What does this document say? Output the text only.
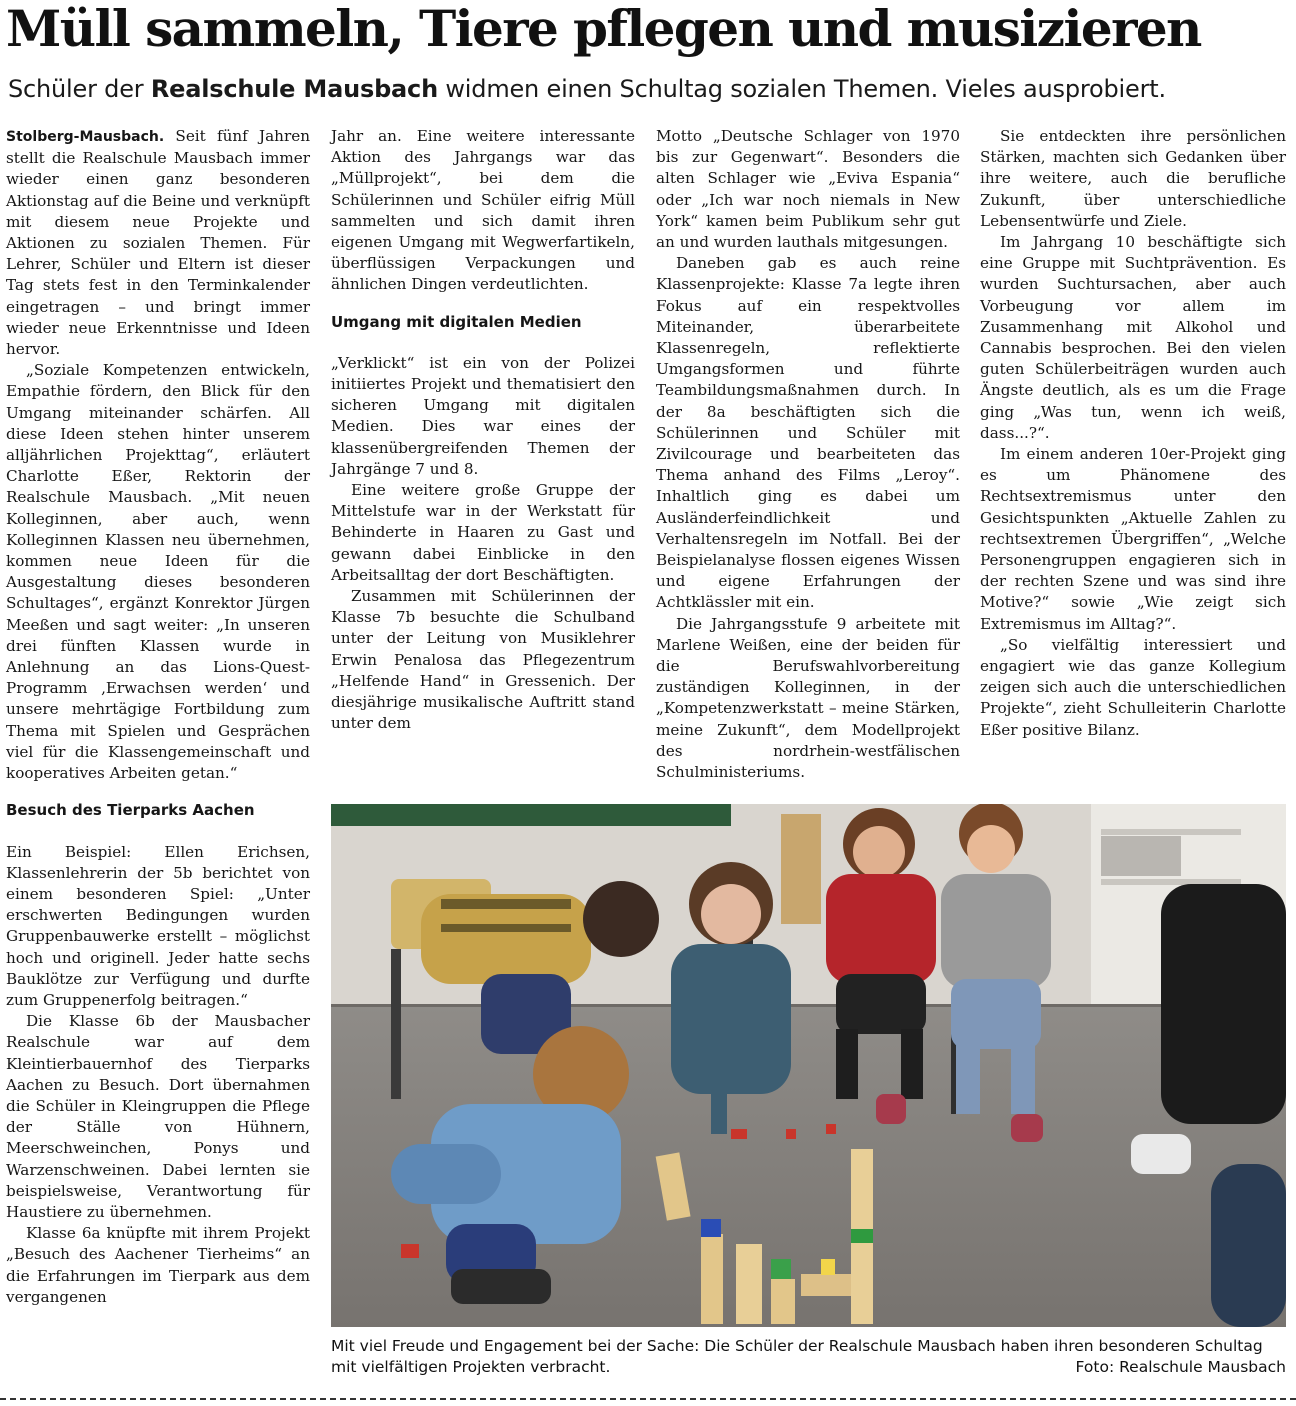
Müll sammeln, Tiere pflegen und musizieren

Schüler der Realschule Mausbach widmen einen Schultag sozialen Themen. Vieles ausprobiert.

Stolberg-Mausbach. Seit fünf Jahren stellt die Realschule Mausbach immer wieder einen ganz besonderen Aktionstag auf die Beine und verknüpft mit diesem neue Projekte und Aktionen zu sozialen Themen. Für Lehrer, Schüler und Eltern ist dieser Tag stets fest in den Terminkalender eingetragen – und bringt immer wieder neue Erkenntnisse und Ideen hervor.

„Soziale Kompetenzen entwickeln, Empathie fördern, den Blick für den Umgang miteinander schärfen. All diese Ideen stehen hinter unserem alljährlichen Projekttag“, erläutert Charlotte Eßer, Rektorin der Realschule Mausbach. „Mit neuen Kolleginnen, aber auch, wenn Kolleginnen Klassen neu übernehmen, kommen neue Ideen für die Ausgestaltung dieses besonderen Schultages“, ergänzt Konrektor Jürgen Meeßen und sagt weiter: „In unseren drei fünften Klassen wurde in Anlehnung an das Lions-Quest-Programm ‚Erwachsen werden‘ und unsere mehrtägige Fortbildung zum Thema mit Spielen und Gesprächen viel für die Klassengemeinschaft und kooperatives Arbeiten getan.“

Besuch des Tierparks Aachen

Ein Beispiel: Ellen Erichsen, Klassenlehrerin der 5b berichtet von einem besonderen Spiel: „Unter erschwerten Bedingungen wurden Gruppenbauwerke erstellt – möglichst hoch und originell. Jeder hatte sechs Bauklötze zur Verfügung und durfte zum Gruppenerfolg beitragen.“

Die Klasse 6b der Mausbacher Realschule war auf dem Kleintierbauernhof des Tierparks Aachen zu Besuch. Dort übernahmen die Schüler in Kleingruppen die Pflege der Ställe von Hühnern, Meerschweinchen, Ponys und Warzenschweinen. Dabei lernten sie beispielsweise, Verantwortung für Haustiere zu übernehmen.

Klasse 6a knüpfte mit ihrem Projekt „Besuch des Aachener Tierheims“ an die Erfahrungen im Tierpark aus dem vergangenen

Jahr an. Eine weitere interessante Aktion des Jahrgangs war das „Müllprojekt“, bei dem die Schülerinnen und Schüler eifrig Müll sammelten und sich damit ihren eigenen Umgang mit Wegwerfartikeln, überflüssigen Verpackungen und ähnlichen Dingen verdeutlichten.

Umgang mit digitalen Medien

„Verklickt“ ist ein von der Polizei initiiertes Projekt und thematisiert den sicheren Umgang mit digitalen Medien. Dies war eines der klassenübergreifenden Themen der Jahrgänge 7 und 8.

Eine weitere große Gruppe der Mittelstufe war in der Werkstatt für Behinderte in Haaren zu Gast und gewann dabei Einblicke in den Arbeitsalltag der dort Beschäftigten.

Zusammen mit Schülerinnen der Klasse 7b besuchte die Schulband unter der Leitung von Musiklehrer Erwin Penalosa das Pflegezentrum „Helfende Hand“ in Gressenich. Der diesjährige musikalische Auftritt stand unter dem

Motto „Deutsche Schlager von 1970 bis zur Gegenwart“. Besonders die alten Schlager wie „Eviva Espania“ oder „Ich war noch niemals in New York“ kamen beim Publikum sehr gut an und wurden lauthals mitgesungen.

Daneben gab es auch reine Klassenprojekte: Klasse 7a legte ihren Fokus auf ein respektvolles Miteinander, überarbeitete Klassenregeln, reflektierte Umgangsformen und führte Teambildungsmaßnahmen durch. In der 8a beschäftigten sich die Schülerinnen und Schüler mit Zivilcourage und bearbeiteten das Thema anhand des Films „Leroy“. Inhaltlich ging es dabei um Ausländerfeindlichkeit und Verhaltensregeln im Notfall. Bei der Beispielanalyse flossen eigenes Wissen und eigene Erfahrungen der Achtklässler mit ein.

Die Jahrgangsstufe 9 arbeitete mit Marlene Weißen, eine der beiden für die Berufswahlvorbereitung zuständigen Kolleginnen, in der „Kompetenzwerkstatt – meine Stärken, meine Zukunft“, dem Modellprojekt des nordrhein-westfälischen Schulministeriums.

Sie entdeckten ihre persönlichen Stärken, machten sich Gedanken über ihre weitere, auch die berufliche Zukunft, über unterschiedliche Lebensentwürfe und Ziele.

Im Jahrgang 10 beschäftigte sich eine Gruppe mit Suchtprävention. Es wurden Suchtursachen, aber auch Vorbeugung vor allem im Zusammenhang mit Alkohol und Cannabis besprochen. Bei den vielen guten Schülerbeiträgen wurden auch Ängste deutlich, als es um die Frage ging „Was tun, wenn ich weiß, dass...?“.

Im einem anderen 10er-Projekt ging es um Phänomene des Rechtsextremismus unter den Gesichtspunkten „Aktuelle Zahlen zu rechtsextremen Übergriffen“, „Welche Personengruppen engagieren sich in der rechten Szene und was sind ihre Motive?“ sowie „Wie zeigt sich Extremismus im Alltag?“.

„So vielfältig interessiert und engagiert wie das ganze Kollegium zeigen sich auch die unterschiedlichen Projekte“, zieht Schulleiterin Charlotte Eßer positive Bilanz.

Mit viel Freude und Engagement bei der Sache: Die Schüler der Realschule Mausbach haben ihren besonderen Schultag mit vielfältigen Projekten verbracht.	Foto: Realschule Mausbach
